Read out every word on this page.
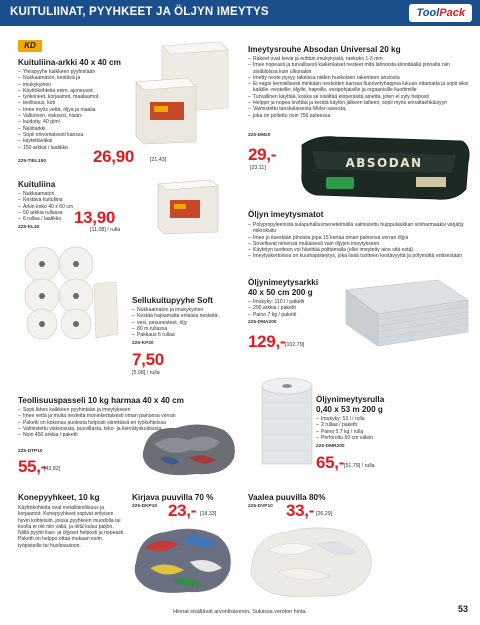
KUITULIINAT, PYYHKEET JA ÖLJYN IMEYTYS	ToolPack
KD
Kuituliina-arkki 40 x 40 cm
– Yleispyyhe kaikkeen pyyhintään
– Nukkaamaton, kestävä ja
– imukykyinen
– Käyttökohteita esim. ajoneuvot,
– työkoneet, korjaamot, maalaamot,
– teollisuus, koti
– Imee myös vettä, öljyä ja maalia
– Valkoinen, viskoosi, nisän-
– kuidutty, 40 g/m²
– Neliöarkki
– Sopii erinomaisesti kanssa
– käytettäväksi
– 150 arkkia / laatikko
225-TIEL150	26,90	[21,43]
Kuituliina
– Nukkaamaton
– Kestävä kuituliina
– Arkin koko 40 x 60 cm
– 50 arkkia rullassa
– 6 rullaa / laatikko
225-KL40
13,90
[11,08] / rulla
Sellukuitupyyhe Soft
– Nukkaamaton ja imukykyinen
– Kestää hajoamatta erilaisia nesteitä:
– vesi, pesunesteet, öljy
– 80 m rullassa
– Pakkaus 6 rullaa
225-KP20
7,50
[5,98] / rulla
Imeytysrouhe Absodan Universal 20 kg
– Rakeet ovat kovia ja erittäin imukykyisiä, raekoko 1-3 mm
– Imee nopeasti ja turvallisesti kaikenlaiset nesteet mitä lahnoista kiinnitäällä pinnalta niin sisätiloissa kuin ulkonakin
– Imetty neste pysyy rakeissa niiden huokoisen rakenteen ansiosta
– Ei eagoi kemiallisesti minkään nesteiden kanssa fluorivetyhappoa lukuun ottamatta ja sopii siksi kaikille -nesteille: öljylle, hapoille, vesipohjaisille ja orgaanisille liuottimille
– Turvallinen käyttää, koska se sisältää eloperäistä ainetta, joten ei syty helposti
– Helppo ja nopea levittää ja kerätä käytön jälkeen talteen; sopii myös ennaltaehkäisyyn
– Valmistettu tanskalaisesta Moler-savesta,
– joka on poltettu noin 750 asteessa
225-DM20
29,-
[23,11]	ABSODAN
Öljyn imeytysmatot
– Polypropyleenistä sulapuhallusmenetelmällä valmistettu huippulaukkan siniharmaaksi värjätty mikrokuitu
– Imee jo itsestään pinoista jopa 15 kertaa oman painonsa verran öljyä
– Soveltuvat nimensä mukaisesti vain öljyjen imeytykseen
– Käytetyn tuotteen voi hävittää polttamalla (ellei imeytetty aine sitä estä)
– Imeytyskertoisoa on kuumapisteytys, joka lisää tuotteen kestävyyttä ja pölymättä entisestään
Öljynimeytysarkki
40 x 50 cm 200 g
– Imukyky: 110 l / paketti
– 200 arkkia / paketti
– Paino 7 kg / paketti
225-DMA200
129,- [102,79]
Teollisuuspasseli 10 kg harmaa 40 x 40 cm
– Sopii lähes kaikkeen pyyhintään ja imeytykseen
– Imee vettä ja muita nesteitä moninkertaisesti oman painonsa verran
– Paketti on kokonsa puolesta helposti siirrettävä eri työkohteissa
– Valmistettu viskoosista, puuvillasta, teko- ja kierrätyskuiduista
– Noin 450 arkkia / paketti
225-DTP10
55,-
[43,82]
Öljynimeytysrulla
0,40 x 53 m 200 g
– Imukyky: 53 l / rulla
– 2 rullaa / paketti
– Paino 5,7 kg / rulla
– Perforoitu 50 cm välein
225-DMR200
65,- [51,79] / rulla
Konepyyhkeet, 10 kg
Käyttökohteita ovat metalliteollisuus ja korjaamot. Konepyyhkeet sopivat erityisen hyvin kohteisiin, joissa pyyhkeen muodolla tai koolla ei ole niin väliä, ja niitä kuluu paljon. Niillä pyyhit liian- ja öljyiset helposti ja nopeasti. Paketti on helppo ottaa mukaan esim. työpisteille tai huoltoautoon.
Kirjava puuvilla 70 %
225-DKP10 23,- [18,33]
Vaalea puuvilla 80%
225-DVP10 33,- [26,29]
Hinnat sisältävät arvonlisäveron. Suluissa veroton hinta.	53
